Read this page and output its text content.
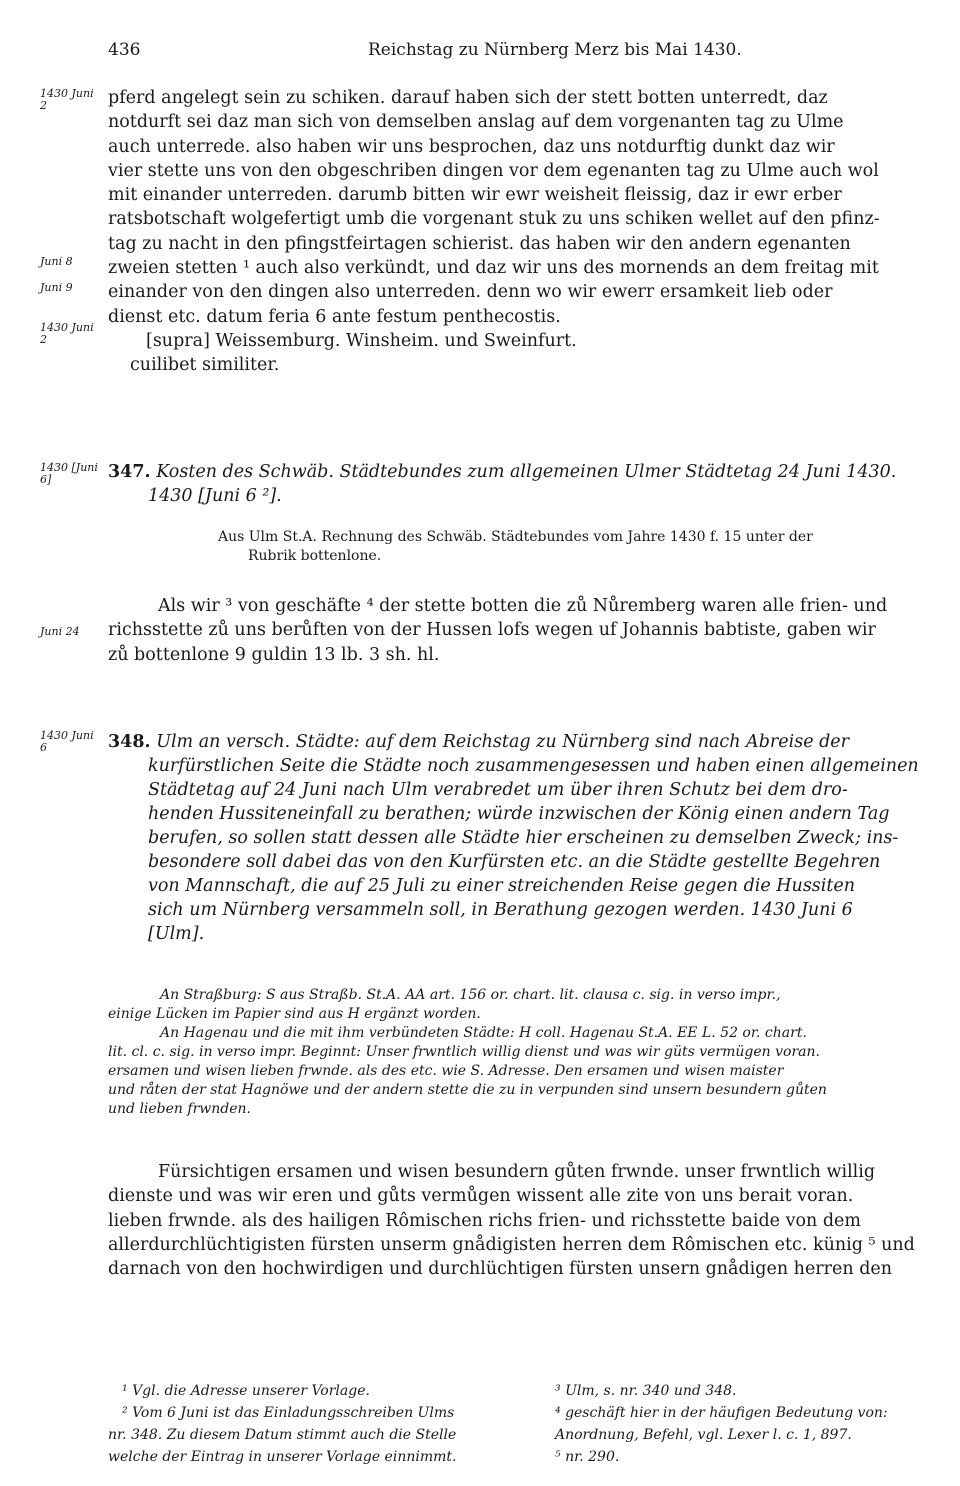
436	Reichstag zu Nürnberg Merz bis Mai 1430.
1430 Juni 2
Juni 8
Juni 9
1430 Juni 2
1430 [Juni 6]
Juni 24
1430 Juni 6

pferd angelegt sein zu schiken. darauf haben sich der stett botten unterredt, daz

notdurft sei daz man sich von demselben anslag auf dem vorgenanten tag zu Ulme

auch unterrede. also haben wir uns besprochen, daz uns notdurftig dunkt daz wir

vier stette uns von den obgeschriben dingen vor dem egenanten tag zu Ulme auch wol

mit einander unterreden. darumb bitten wir ewr weisheit fleissig, daz ir ewr erber

ratsbotschaft wolgefertigt umb die vorgenant stuk zu uns schiken wellet auf den pfinz-

tag zu nacht in den pfingstfeirtagen schierist. das haben wir den andern egenanten

zweien stetten ¹ auch also verkündt, und daz wir uns des mornends an dem freitag mit

einander von den dingen also unterreden. denn wo wir ewerr ersamkeit lieb oder

dienst etc. datum feria 6 ante festum penthecostis.

[supra] Weissemburg. Winsheim. und Sweinfurt.

cuilibet similiter.

347. Kosten des Schwäb. Städtebundes zum allgemeinen Ulmer Städtetag 24 Juni 1430.
1430 [Juni 6 ²].

Aus Ulm St.A. Rechnung des Schwäb. Städtebundes vom Jahre 1430 f. 15 unter der

Rubrik bottenlone.

Als wir ³ von geschäfte ⁴ der stette botten die zů Nůremberg waren alle frien- und

richsstette zů uns berůften von der Hussen lofs wegen uf Johannis babtiste, gaben wir

zů bottenlone 9 guldin 13 lb. 3 sh. hl.

348. Ulm an versch. Städte: auf dem Reichstag zu Nürnberg sind nach Abreise der
kurfürstlichen Seite die Städte noch zusammengesessen und haben einen allgemeinen
Städtetag auf 24 Juni nach Ulm verabredet um über ihren Schutz bei dem dro-
henden Hussiteneinfall zu berathen; würde inzwischen der König einen andern Tag
berufen, so sollen statt dessen alle Städte hier erscheinen zu demselben Zweck; ins-
besondere soll dabei das von den Kurfürsten etc. an die Städte gestellte Begehren
von Mannschaft, die auf 25 Juli zu einer streichenden Reise gegen die Hussiten
sich um Nürnberg versammeln soll, in Berathung gezogen werden. 1430 Juni 6
[Ulm].

An Straßburg: S aus Straßb. St.A. AA art. 156 or. chart. lit. clausa c. sig. in verso impr.,

einige Lücken im Papier sind aus H ergänzt worden.

An Hagenau und die mit ihm verbündeten Städte: H coll. Hagenau St.A. EE L. 52 or. chart.

lit. cl. c. sig. in verso impr. Beginnt: Unser frwntlich willig dienst und was wir güts vermügen voran.

ersamen und wisen lieben frwnde. als des etc. wie S. Adresse. Den ersamen und wisen maister

und råten der stat Hagnöwe und der andern stette die zu in verpunden sind unsern besundern gůten

und lieben frwnden.

Fürsichtigen ersamen und wisen besundern gůten frwnde. unser frwntlich willig

dienste und was wir eren und gůts vermůgen wissent alle zite von uns berait voran.

lieben frwnde. als des hailigen Rômischen richs frien- und richsstette baide von dem

allerdurchlüchtigisten fürsten unserm gnådigisten herren dem Rômischen etc. künig ⁵ und

darnach von den hochwirdigen und durchlüchtigen fürsten unsern gnådigen herren den

¹ Vgl. die Adresse unserer Vorlage.

² Vom 6 Juni ist das Einladungsschreiben Ulms

nr. 348. Zu diesem Datum stimmt auch die Stelle

welche der Eintrag in unserer Vorlage einnimmt.

³ Ulm, s. nr. 340 und 348.

⁴ geschäft hier in der häufigen Bedeutung von:

Anordnung, Befehl, vgl. Lexer l. c. 1, 897.

⁵ nr. 290.
